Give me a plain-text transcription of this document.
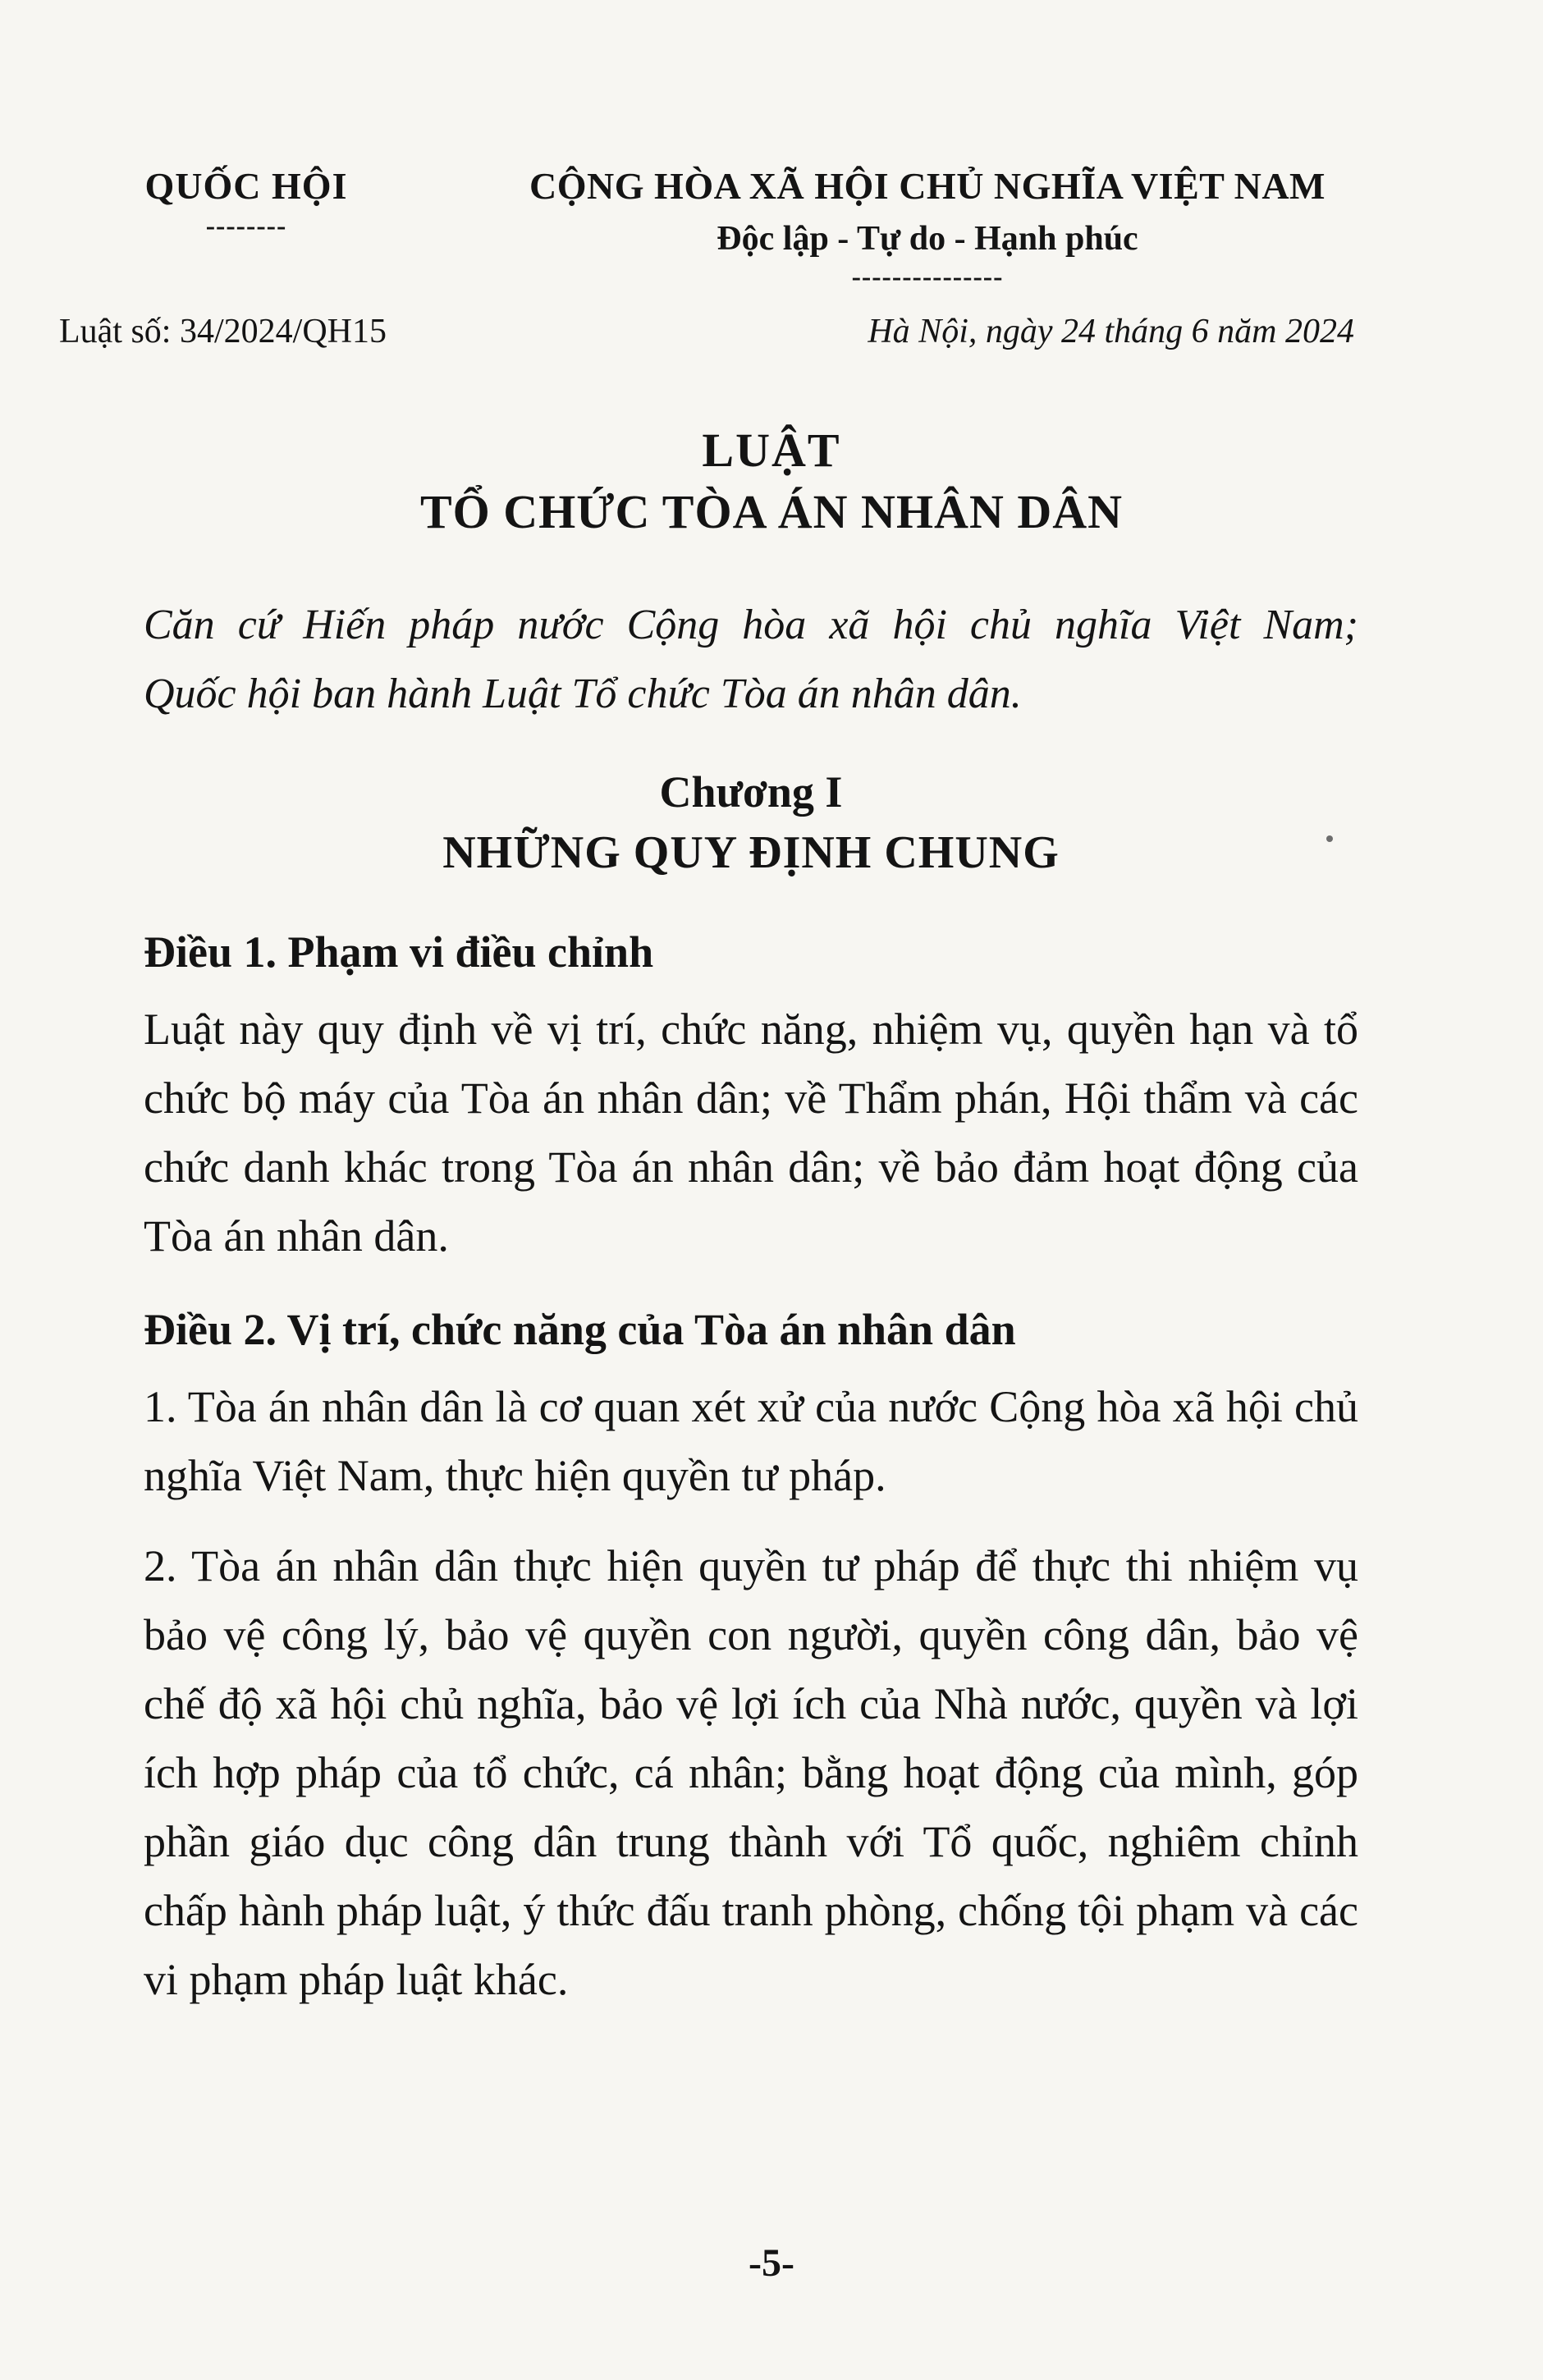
QUỐC HỘI
--------
CỘNG HÒA XÃ HỘI CHỦ NGHĨA VIỆT NAM
Độc lập - Tự do - Hạnh phúc
---------------
Luật số: 34/2024/QH15	Hà Nội, ngày 24 tháng 6 năm 2024
LUẬT
TỔ CHỨC TÒA ÁN NHÂN DÂN

Căn cứ Hiến pháp nước Cộng hòa xã hội chủ nghĩa Việt Nam;

Quốc hội ban hành Luật Tổ chức Tòa án nhân dân.

Chương I
NHỮNG QUY ĐỊNH CHUNG
Điều 1. Phạm vi điều chỉnh
Luật này quy định về vị trí, chức năng, nhiệm vụ, quyền hạn và tổ chức bộ máy của Tòa án nhân dân; về Thẩm phán, Hội thẩm và các chức danh khác trong Tòa án nhân dân; về bảo đảm hoạt động của Tòa án nhân dân.
Điều 2. Vị trí, chức năng của Tòa án nhân dân
1. Tòa án nhân dân là cơ quan xét xử của nước Cộng hòa xã hội chủ nghĩa Việt Nam, thực hiện quyền tư pháp.
2. Tòa án nhân dân thực hiện quyền tư pháp để thực thi nhiệm vụ bảo vệ công lý, bảo vệ quyền con người, quyền công dân, bảo vệ chế độ xã hội chủ nghĩa, bảo vệ lợi ích của Nhà nước, quyền và lợi ích hợp pháp của tổ chức, cá nhân; bằng hoạt động của mình, góp phần giáo dục công dân trung thành với Tổ quốc, nghiêm chỉnh chấp hành pháp luật, ý thức đấu tranh phòng, chống tội phạm và các vi phạm pháp luật khác.
-5-
